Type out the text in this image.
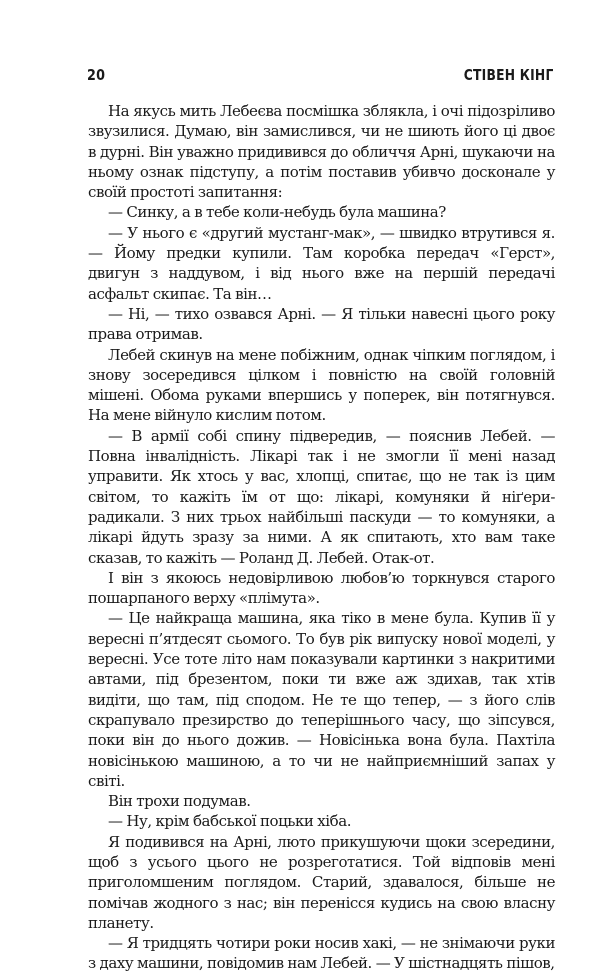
20	СТІВЕН КІНГ

На якусь мить Лебеєва посмішка зблякла, і очі підозріливо звузилися. Думаю, він замислився, чи не шиють його ці двоє в дурні. Він уважно придивився до обличчя Арні, шукаючи на ньому ознак підступу, а потім поставив убивчо досконале у своїй простоті запитання:

— Синку, а в тебе коли-небудь була машина?

— У нього є «другий мустанг-мак», — швидко втрутився я. — Йому предки купили. Там коробка передач «Герст», двигун з наддувом, і від нього вже на першій передачі асфальт скипає. Та він…

— Ні, — тихо озвався Арні. — Я тільки навесні цього року права отримав.

Лебей скинув на мене побіжним, однак чіпким поглядом, і знову зосередився цілком і повністю на своїй головній мішені. Обома руками впершись у поперек, він потягнувся. На мене війнуло кислим потом.

— В армії собі спину підвередив, — пояснив Лебей. — Повна інвалідність. Лікарі так і не змогли її мені назад управити. Як хтось у вас, хлопці, спитає, що не так із цим світом, то кажіть їм от що: лікарі, комуняки й ніґери-радикали. З них трьох найбільші паскуди — то комуняки, а лікарі йдуть зразу за ними. А як спитають, хто вам таке сказав, то кажіть — Роланд Д. Лебей. Отак-от.

І він з якоюсь недовірливою любов’ю торкнувся старого пошарпаного верху «плімута».

— Це найкраща машина, яка тіко в мене була. Купив її у вересні п’ятдесят сьомого. То був рік випуску нової моделі, у вересні. Усе тоте літо нам показували картинки з накритими автами, під брезентом, поки ти вже аж здихав, так хтів видіти, що там, під сподом. Не те що тепер, — з його слів скрапувало презирство до теперішнього часу, що зіпсувся, поки він до нього дожив. — Новісінька вона була. Пахтіла новісінькою машиною, а то чи не найприємніший запах у світі.

Він трохи подумав.

— Ну, крім бабської поцьки хіба.

Я подивився на Арні, люто прикушуючи щоки зсередини, щоб з усього цього не розреготатися. Той відповів мені приголомшеним поглядом. Старий, здавалося, більше не помічав жодного з нас; він перенісся кудись на свою власну планету.

— Я тридцять чотири роки носив хакі, — не знімаючи руки з даху машини, повідомив нам Лебей. — У шістнадцять пішов,
